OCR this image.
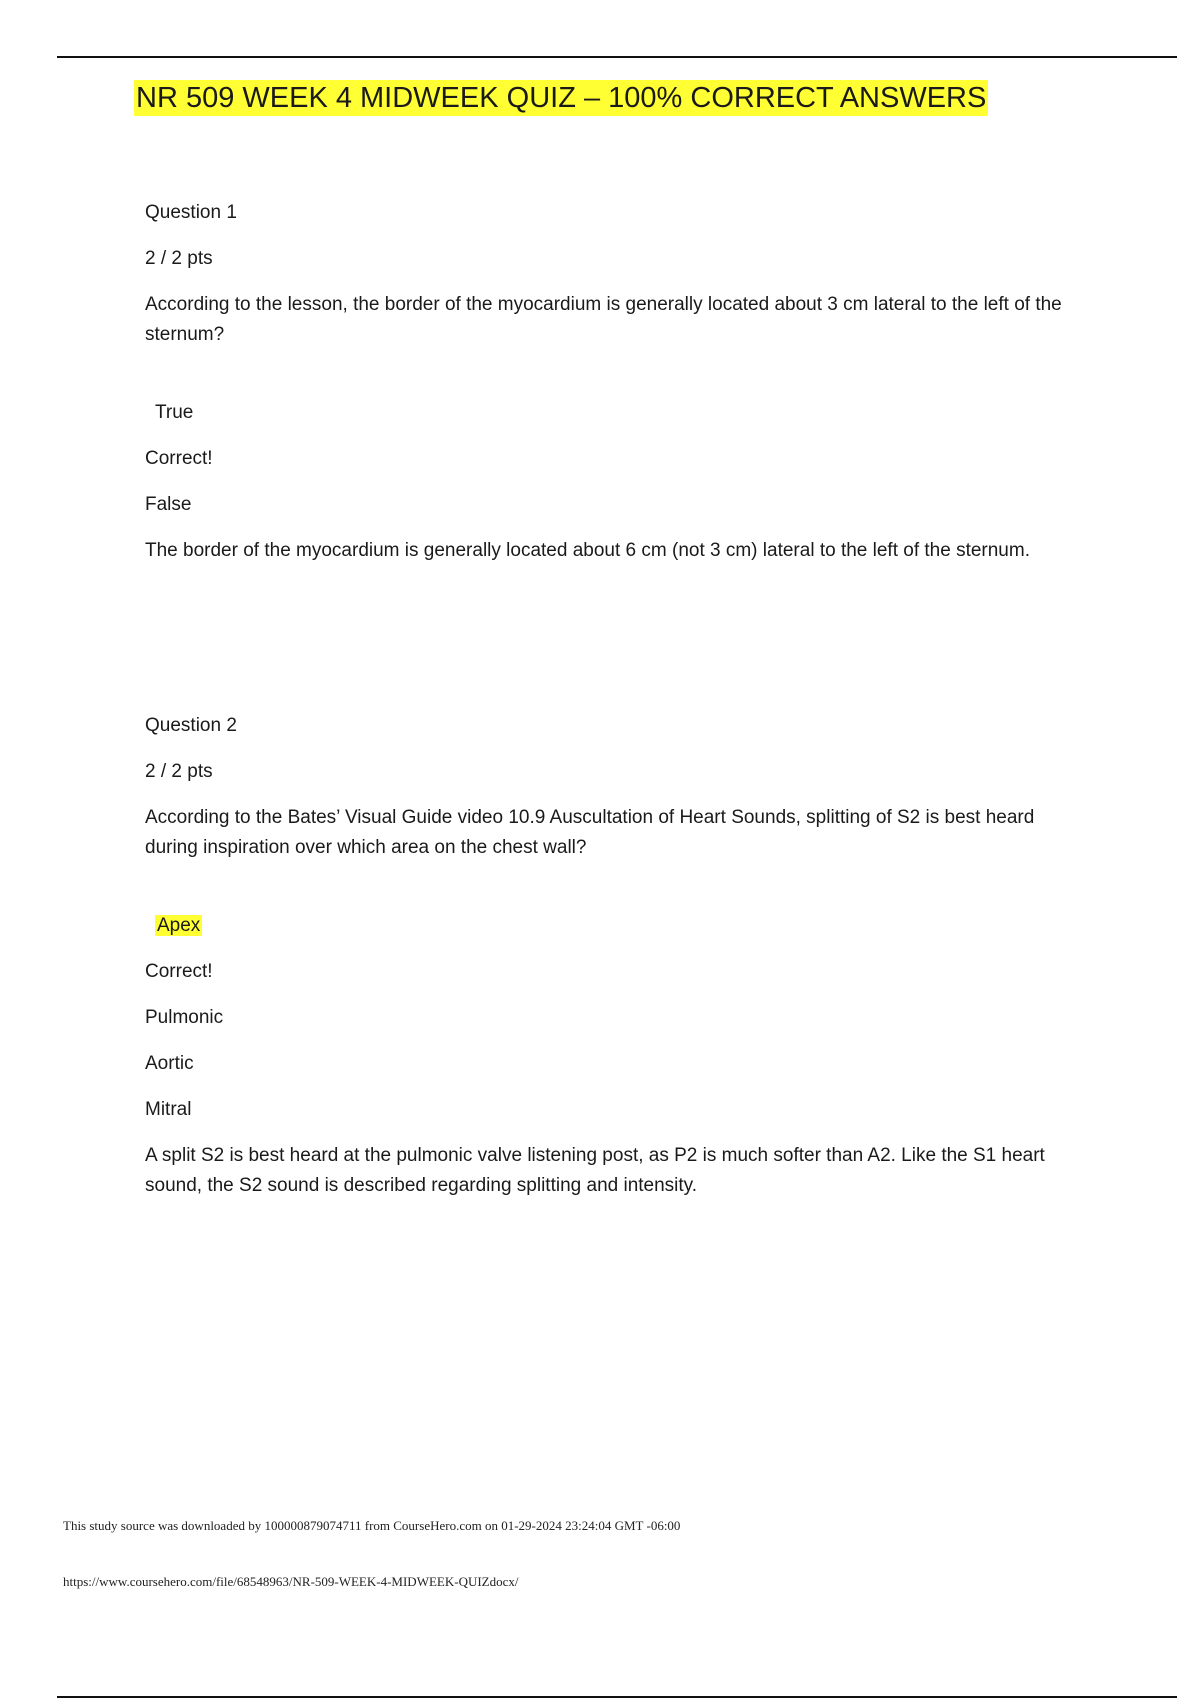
NR 509 WEEK 4 MIDWEEK QUIZ – 100% CORRECT ANSWERS

Question 1

2 / 2 pts

According to the lesson, the border of the myocardium is generally located about 3 cm lateral to the left of the sternum?

True

Correct!

False

The border of the myocardium is generally located about 6 cm (not 3 cm) lateral to the left of the sternum.

Question 2

2 / 2 pts

According to the Bates’ Visual Guide video 10.9 Auscultation of Heart Sounds, splitting of S2 is best heard during inspiration over which area on the chest wall?

Apex

Correct!

Pulmonic

Aortic

Mitral

A split S2 is best heard at the pulmonic valve listening post, as P2 is much softer than A2. Like the S1 heart sound, the S2 sound is described regarding splitting and intensity.

This study source was downloaded by 100000879074711 from CourseHero.com on 01-29-2024 23:24:04 GMT -06:00
https://www.coursehero.com/file/68548963/NR-509-WEEK-4-MIDWEEK-QUIZdocx/
